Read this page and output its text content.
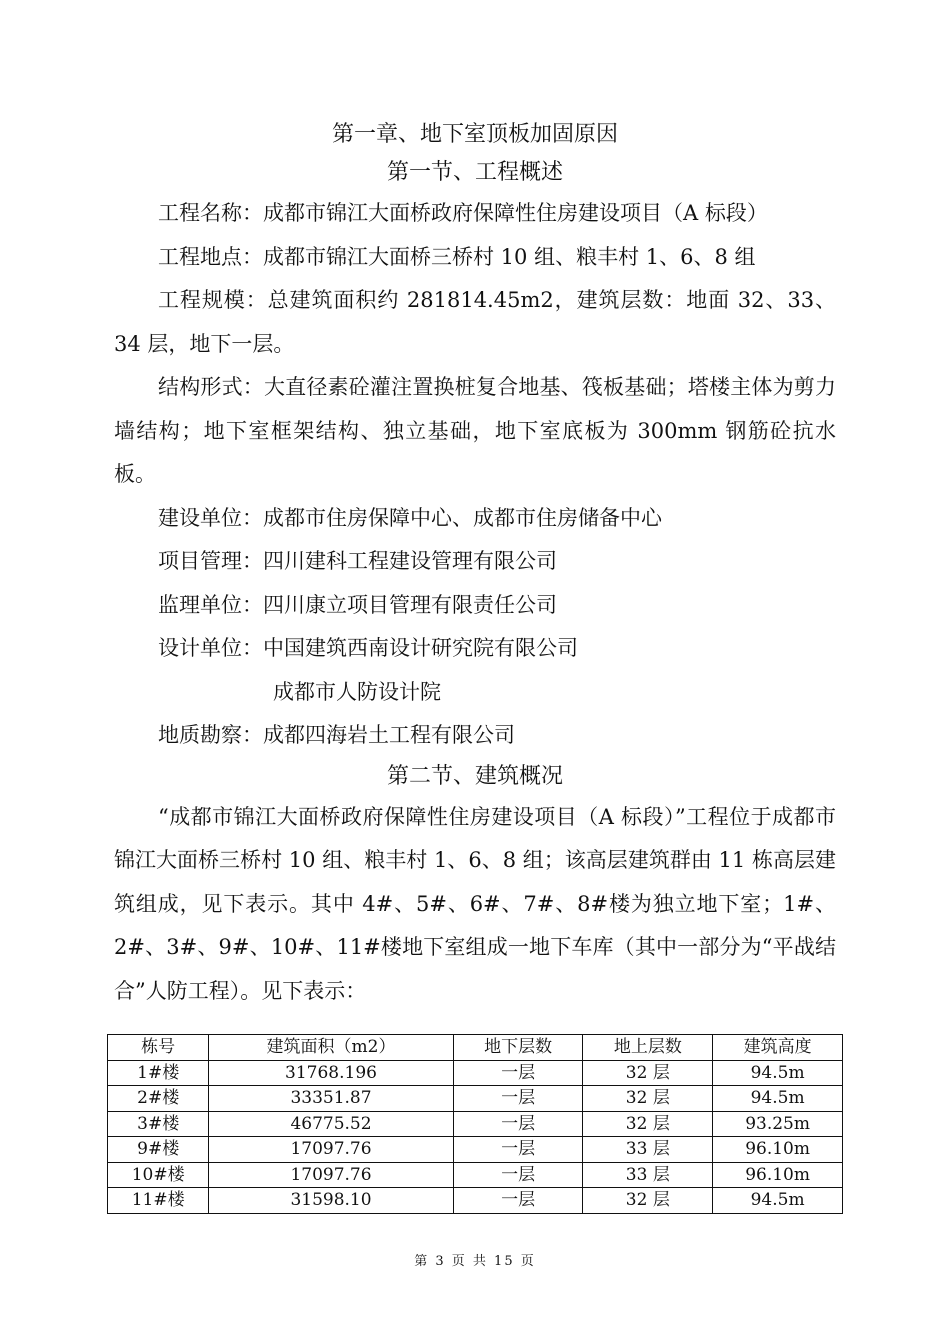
第一章、地下室顶板加固原因
第一节、工程概述

工程名称：成都市锦江大面桥政府保障性住房建设项目（A 标段）

工程地点：成都市锦江大面桥三桥村 10 组、粮丰村 1、6、8 组

工程规模：总建筑面积约 281814.45m2，建筑层数：地面 32、33、34 层，地下一层。

结构形式：大直径素砼灌注置换桩复合地基、筏板基础；塔楼主体为剪力墙结构；地下室框架结构、独立基础，地下室底板为 300mm 钢筋砼抗水板。

建设单位：成都市住房保障中心、成都市住房储备中心

项目管理：四川建科工程建设管理有限公司

监理单位：四川康立项目管理有限责任公司

设计单位：中国建筑西南设计研究院有限公司

成都市人防设计院

地质勘察：成都四海岩土工程有限公司

第二节、建筑概况

“成都市锦江大面桥政府保障性住房建设项目（A 标段）”工程位于成都市锦江大面桥三桥村 10 组、粮丰村 1、6、8 组；该高层建筑群由 11 栋高层建筑组成，见下表示。其中 4#、5#、6#、7#、8#楼为独立地下室；1#、2#、3#、9#、10#、11#楼地下室组成一地下车库（其中一部分为“平战结合”人防工程）。见下表示：

栋号	建筑面积（m2）	地下层数	地上层数	建筑高度
1#楼	31768.196	一层	32 层	94.5m
2#楼	33351.87	一层	32 层	94.5m
3#楼	46775.52	一层	32 层	93.25m
9#楼	17097.76	一层	33 层	96.10m
10#楼	17097.76	一层	33 层	96.10m
11#楼	31598.10	一层	32 层	94.5m
第 3 页 共 15 页
